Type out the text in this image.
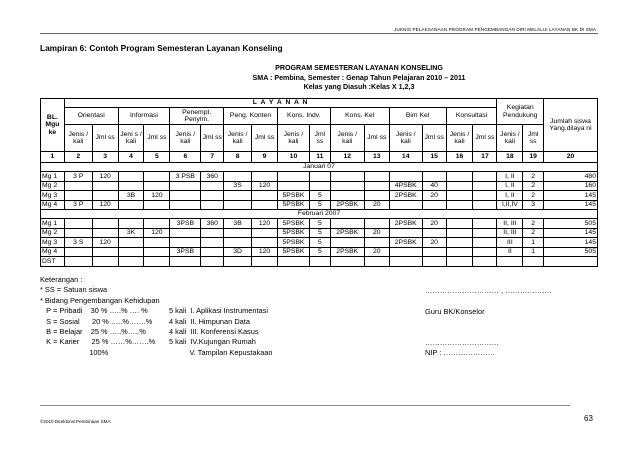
JUKNIS PELAKSANAAN PROGRAM PENGEMBANGAN DIRI MELALUI LAYANAN BK DI SMA
Lampiran 6: Contoh Program Semesteran Layanan Konseling
PROGRAM SEMESTERAN LAYANAN KONSELING
SMA : Pembina, Semester : Genap Tahun Pelajaran 2010 – 2011
Kelas yang Diasuh :Kelas X 1,2,3
BL. Mgu ke	L A Y A N A N																Kegiatan Pendukung		Jumlah siswa Yang.dilaya ni
	Orientasi		Informasi		Penempt. Penylm.		Peng. Konten		Kons. Indv.		Kons. Kel		Bim Kel		Konsultasi				
	Jenis / kali	Jml ss	Jeni s / kali	Jml ss	Jenis / kali	Jml ss	Jenis / kali	Jml ss	Jenis / kali	Jml ss	Jenis / kali	Jml ss	Jenis / kali	Jml ss	Jenis / kali	Jml ss	Jenis / kali	Jml ss	
1	2	3	4	5	6	7	8	9	10	11	12	13	14	15	16	17	18	19	20
Januari 07																			
Mg 1	3 P	120			3 PSB	360											I, II	2	480
Mg 2							3S	120					4PSBK	40			I, II	2	160
Mg 3			3B	120					5PSBK	5			2PSBK	20			I, II	2	145
Mg 4	3 P	120							5PSBK	5	2PSBK	20					I,II,IV	3	145
Februari 2007																			
Mg 1					3PSB	360	3B	120	5PSBK	5			2PSBK	20			II, III	2	505
Mg 2			3K	120					5PSBK	5	2PSBK	20					II, III	2	145
Mg 3	3 S	120							5PSBK	5			2PSBK	20			III	1	145
Mg 4					3PSB		3D	120	5PSBK	5	2PSBK	20					II	1	505
DST																			
Keterangan :
* SS = Satuan siswa
* Bidang Pengembangan Kehidupan
P = Pribadi    30 % …..% …. %	5 kali  I. Aplikasi Instrumentasi
S = Sosial      20 % …..%…….% 4 kali  II. Himpunan Data
B = Belajar    25 % …..%…..%	4 kali  III. Konferensi Kasus
K = Karier      25 % ……%…….% 5 kali  IV.Kujungan Rumah
100%	V. Tampilan Kepustakaan
………………………… , ……………….
Guru BK/Konselor
…………………………
NIP : …………………
©2010 Direktorat Pembinaan SMA	63
